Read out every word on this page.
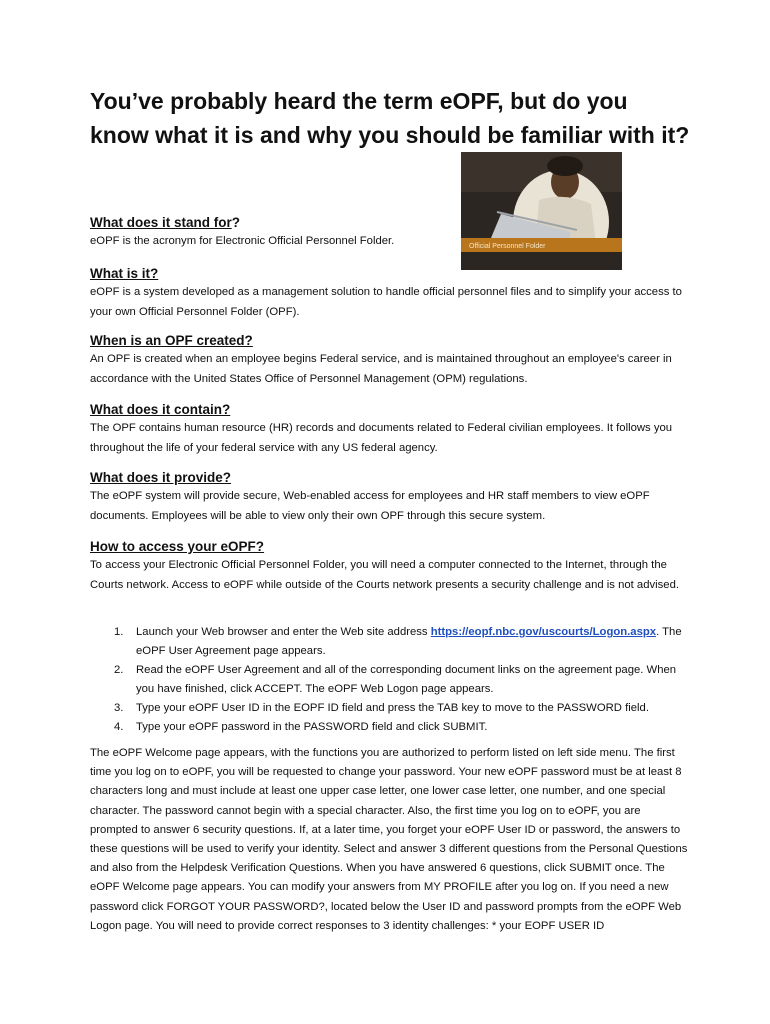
You’ve probably heard the term eOPF, but do you know what it is and why you should be familiar with it?
Official Personnel Folder
What does it stand for?

eOPF is the acronym for Electronic Official Personnel Folder.

What is it?

eOPF is a system developed as a management solution to handle official personnel files and to simplify your access to your own Official Personnel Folder (OPF).

When is an OPF created?

An OPF is created when an employee begins Federal service, and is maintained throughout an employee's career in accordance with the United States Office of Personnel Management (OPM) regulations.

What does it contain?

The OPF contains human resource (HR) records and documents related to Federal civilian employees. It follows you throughout the life of your federal service with any US federal agency.

What does it provide?

The eOPF system will provide secure, Web-enabled access for employees and HR staff members to view eOPF documents. Employees will be able to view only their own OPF through this secure system.

How to access your eOPF?

To access your Electronic Official Personnel Folder, you will need a computer connected to the Internet, through the Courts network. Access to eOPF while outside of the Courts network presents a security challenge and is not advised.

1. Launch your Web browser and enter the Web site address https://eopf.nbc.gov/uscourts/Logon.aspx. The eOPF User Agreement page appears.
2. Read the eOPF User Agreement and all of the corresponding document links on the agreement page. When you have finished, click ACCEPT. The eOPF Web Logon page appears.
3. Type your eOPF User ID in the EOPF ID field and press the TAB key to move to the PASSWORD field.
4. Type your eOPF password in the PASSWORD field and click SUBMIT.

The eOPF Welcome page appears, with the functions you are authorized to perform listed on left side menu. The first time you log on to eOPF, you will be requested to change your password. Your new eOPF password must be at least 8 characters long and must include at least one upper case letter, one lower case letter, one number, and one special character. The password cannot begin with a special character. Also, the first time you log on to eOPF, you are prompted to answer 6 security questions. If, at a later time, you forget your eOPF User ID or password, the answers to these questions will be used to verify your identity. Select and answer 3 different questions from the Personal Questions and also from the Helpdesk Verification Questions. When you have answered 6 questions, click SUBMIT once. The eOPF Welcome page appears. You can modify your answers from MY PROFILE after you log on. If you need a new password click FORGOT YOUR PASSWORD?, located below the User ID and password prompts from the eOPF Web Logon page. You will need to provide correct responses to 3 identity challenges: * your EOPF USER ID
